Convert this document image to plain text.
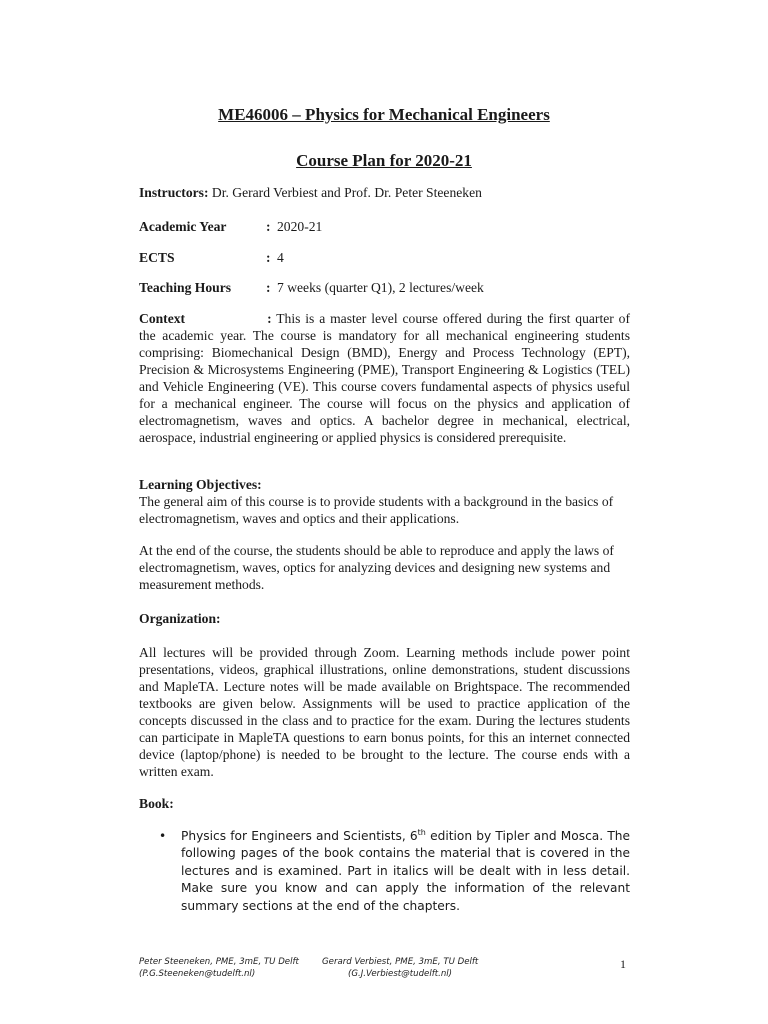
ME46006 – Physics for Mechanical Engineers
Course Plan for 2020-21
Instructors: Dr. Gerard Verbiest and Prof. Dr. Peter Steeneken
Academic Year	: 2020-21
ECTS	: 4
Teaching Hours	: 7 weeks (quarter Q1), 2 lectures/week
Context	: This is a master level course offered during the first quarter of the academic year. The course is mandatory for all mechanical engineering students comprising: Biomechanical Design (BMD), Energy and Process Technology (EPT), Precision & Microsystems Engineering (PME), Transport Engineering & Logistics (TEL) and Vehicle Engineering (VE). This course covers fundamental aspects of physics useful for a mechanical engineer. The course will focus on the physics and application of electromagnetism, waves and optics. A bachelor degree in mechanical, electrical, aerospace, industrial engineering or applied physics is considered prerequisite.
Learning Objectives:
The general aim of this course is to provide students with a background in the basics of electromagnetism, waves and optics and their applications.
At the end of the course, the students should be able to reproduce and apply the laws of electromagnetism, waves, optics for analyzing devices and designing new systems and measurement methods.
Organization:
All lectures will be provided through Zoom. Learning methods include power point presentations, videos, graphical illustrations, online demonstrations, student discussions and MapleTA. Lecture notes will be made available on Brightspace. The recommended textbooks are given below. Assignments will be used to practice application of the concepts discussed in the class and to practice for the exam. During the lectures students can participate in MapleTA questions to earn bonus points, for this an internet connected device (laptop/phone) is needed to be brought to the lecture. The course ends with a written exam.
Book:
• Physics for Engineers and Scientists, 6th edition by Tipler and Mosca. The following pages of the book contains the material that is covered in the lectures and is examined. Part in italics will be dealt with in less detail. Make sure you know and can apply the information of the relevant summary sections at the end of the chapters.
Peter Steeneken, PME, 3mE, TU Delft
(P.G.Steeneken@tudelft.nl)
Gerard Verbiest, PME, 3mE, TU Delft
(G.J.Verbiest@tudelft.nl)
1
